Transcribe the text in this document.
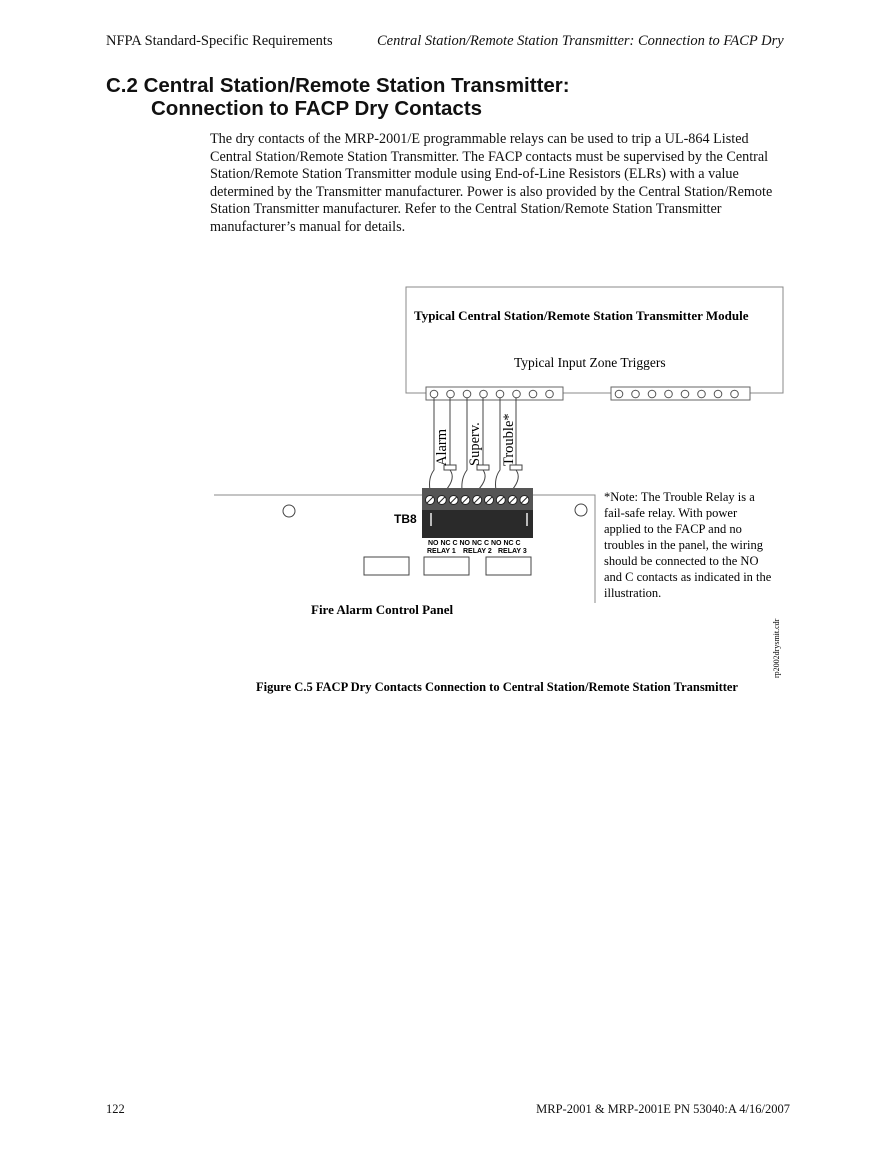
NFPA Standard-Specific Requirements	Central Station/Remote Station Transmitter: Connection to FACP Dry
C.2 Central Station/Remote Station Transmitter:
Connection to FACP Dry Contacts
The dry contacts of the MRP-2001/E programmable relays can be used to trip a UL-864 Listed
Central Station/Remote Station Transmitter. The FACP contacts must be supervised by the Central
Station/Remote Station Transmitter module using End-of-Line Resistors (ELRs) with a value
determined by the Transmitter manufacturer. Power is also provided by the Central Station/Remote
Station Transmitter manufacturer. Refer to the Central Station/Remote Station Transmitter
manufacturer’s manual for details.
Typical Central Station/Remote Station Transmitter Module
Typical Input Zone Triggers
Alarm Superv. Trouble*
TB8
NO NC C NO NC C NO NC C
RELAY 1 RELAY 2 RELAY 3
Fire Alarm Control Panel
*Note: The Trouble Relay is a
fail-safe relay. With power
applied to the FACP and no
troubles in the panel, the wiring
should be connected to the NO
and C contacts as indicated in the
illustration.
rp2002drysmit.cdr
Figure C.5 FACP Dry Contacts Connection to Central Station/Remote Station Transmitter
122	MRP-2001 & MRP-2001E PN 53040:A 4/16/2007
